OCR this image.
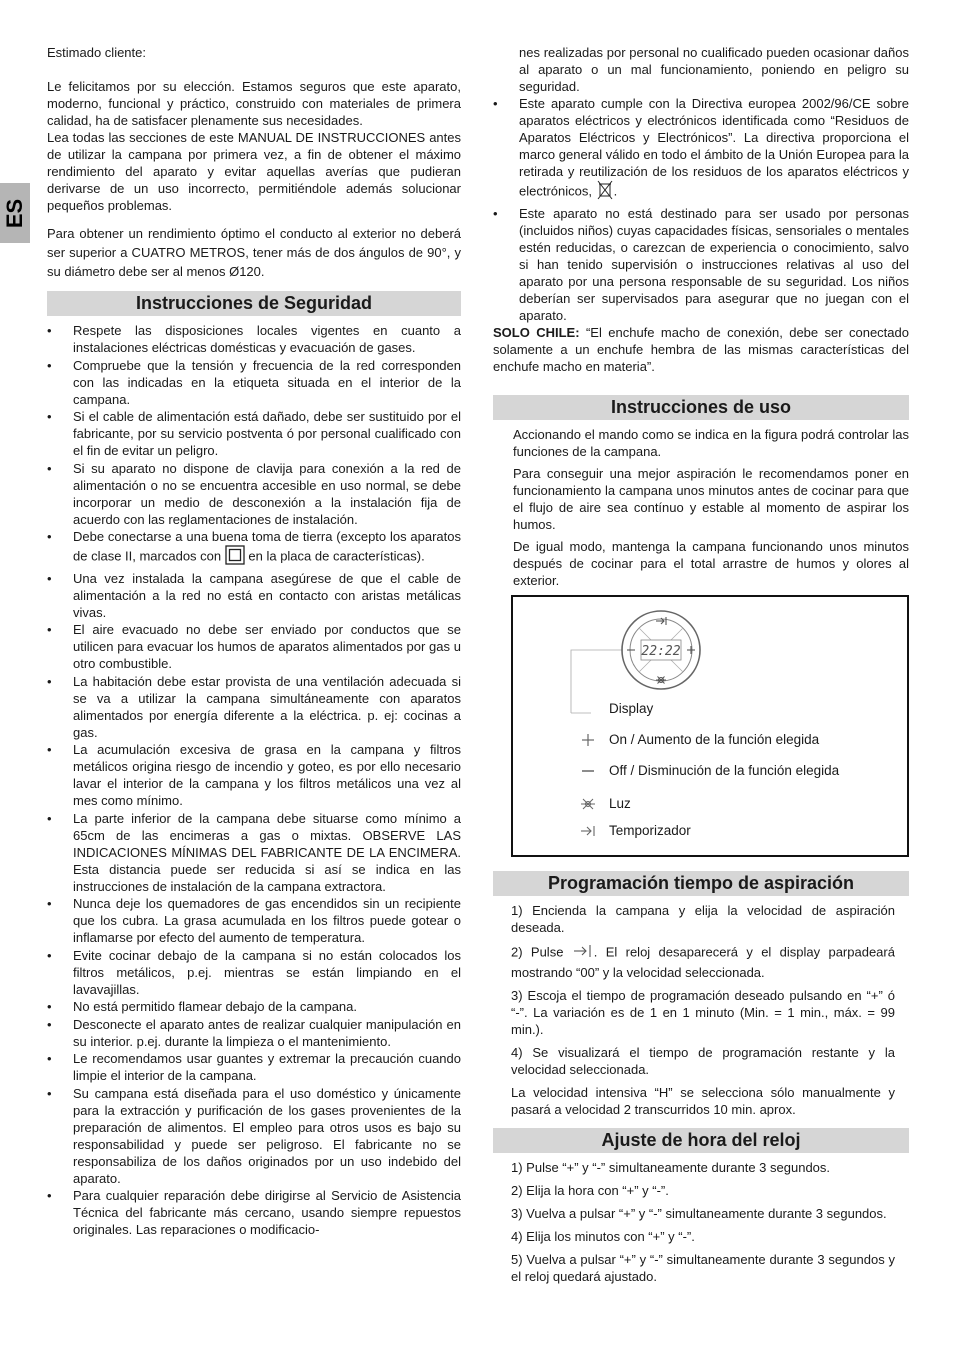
ES

Estimado cliente:

Le felicitamos por su elección. Estamos seguros que este aparato, moderno, funcional y práctico, construido con materiales de primera calidad, ha de satisfacer plenamente sus necesidades.

Lea todas las secciones de este MANUAL DE INSTRUCCIONES antes de utilizar la campana por primera vez, a fin de obtener el máximo rendimiento del aparato y evitar aquellas averías que pudieran derivarse de un uso incorrecto, permitiéndole además solucionar pequeños problemas.

Para obtener un rendimiento óptimo el conducto al exterior no deberá ser superior a CUATRO METROS, tener más de dos ángulos de 90°, y su diámetro debe ser al menos Ø120.

Instrucciones de Seguridad
• Respete las disposiciones locales vigentes en cuanto a instalaciones eléctricas domésticas y evacuación de gases.
• Compruebe que la tensión y frecuencia de la red corresponden con las indicadas en la etiqueta situada en el interior de la campana.
• Si el cable de alimentación está dañado, debe ser sustituido por el fabricante, por su servicio postventa ó por personal cualificado con el fin de evitar un peligro.
• Si su aparato no dispone de clavija para conexión a la red de alimentación o no se encuentra accesible en uso normal, se debe incorporar un medio de desconexión a la instalación fija de acuerdo con las reglamentaciones de instalación.
• Debe conectarse a una buena toma de tierra (excepto los aparatos de clase II, marcados con en la placa de características).
• Una vez instalada la campana asegúrese de que el cable de alimentación a la red no está en contacto con aristas metálicas vivas.
• El aire evacuado no debe ser enviado por conductos que se utilicen para evacuar los humos de aparatos alimentados por gas u otro combustible.
• La habitación debe estar provista de una ventilación adecuada si se va a utilizar la campana simultáneamente con aparatos alimentados por energía diferente a la eléctrica. p. ej: cocinas a gas.
• La acumulación excesiva de grasa en la campana y filtros metálicos origina riesgo de incendio y goteo, es por ello necesario lavar el interior de la campana y los filtros metálicos una vez al mes como mínimo.
• La parte inferior de la campana debe situarse como mínimo a 65cm de las encimeras a gas o mixtas. OBSERVE LAS INDICACIONES MÍNIMAS DEL FABRICANTE DE LA ENCIMERA. Esta distancia puede ser reducida si así se indica en las instrucciones de instalación de la campana extractora.
• Nunca deje los quemadores de gas encendidos sin un recipiente que los cubra. La grasa acumulada en los filtros puede gotear o inflamarse por efecto del aumento de temperatura.
• Evite cocinar debajo de la campana si no están colocados los filtros metálicos, p.ej. mientras se están limpiando en el lavavajillas.
• No está permitido flamear debajo de la campana.
• Desconecte el aparato antes de realizar cualquier manipulación en su interior. p.ej. durante la limpieza o el mantenimiento.
• Le recomendamos usar guantes y extremar la precaución cuando limpie el interior de la campana.
• Su campana está diseñada para el uso doméstico y únicamente para la extracción y purificación de los gases provenientes de la preparación de alimentos. El empleo para otros usos es bajo su responsabilidad y puede ser peligroso. El fabricante no se responsabiliza de los daños originados por un uso indebido del aparato.
• Para cualquier reparación debe dirigirse al Servicio de Asistencia Técnica del fabricante más cercano, usando siempre repuestos originales. Las reparaciones o modificacio-

nes realizadas por personal no cualificado pueden ocasionar daños al aparato o un mal funcionamiento, poniendo en peligro su seguridad.

• Este aparato cumple con la Directiva europea 2002/96/CE sobre aparatos eléctricos y electrónicos identificada como “Residuos de Aparatos Eléctricos y Electrónicos”. La directiva proporciona el marco general válido en todo el ámbito de la Unión Europea para la retirada y reutilización de los residuos de los aparatos eléctricos y electrónicos, .
• Este aparato no está destinado para ser usado por personas (incluidos niños) cuyas capacidades físicas, sensoriales o mentales estén reducidas, o carezcan de experiencia o conocimiento, salvo si han tenido supervisión o instrucciones relativas al uso del aparato por una persona responsable de su seguridad. Los niños deberían ser supervisados para asegurar que no juegan con el aparato.

SOLO CHILE: “El enchufe macho de conexión, debe ser conectado solamente a un enchufe hembra de las mismas características del enchufe macho en materia”.

Instrucciones de uso

Accionando el mando como se indica en la figura podrá controlar las funciones de la campana.

Para conseguir una mejor aspiración le recomendamos poner en funcionamiento la campana unos minutos antes de cocinar para que el flujo de aire sea contínuo y estable al momento de aspirar los humos.

De igual modo, mantenga la campana funcionando unos minutos después de cocinar para el total arrastre de humos y olores al exterior.

22:22
Display
On / Aumento de la función elegida
Off / Disminución de la función elegida
Luz
Temporizador
Programación tiempo de aspiración

1) Encienda la campana y elija la velocidad de aspiración deseada.

2) Pulse . El reloj desaparecerá y el display parpadeará mostrando “00” y la velocidad seleccionada.

3) Escoja el tiempo de programación deseado pulsando en “+” ó “-”. La variación es de 1 en 1 minuto (Min. = 1 min., máx. = 99 min.).

4) Se visualizará el tiempo de programación restante y la velocidad seleccionada.

La velocidad intensiva “H” se selecciona sólo manualmente y pasará a velocidad 2 transcurridos 10 min. aprox.

Ajuste de hora del reloj

1) Pulse “+” y “-” simultaneamente durante 3 segundos.

2) Elija la hora con “+” y “-”.

3) Vuelva a pulsar “+” y “-” simultaneamente durante 3 segundos.

4) Elija los minutos con “+” y “-”.

5) Vuelva a pulsar “+” y “-” simultaneamente durante 3 segundos y el reloj quedará ajustado.
